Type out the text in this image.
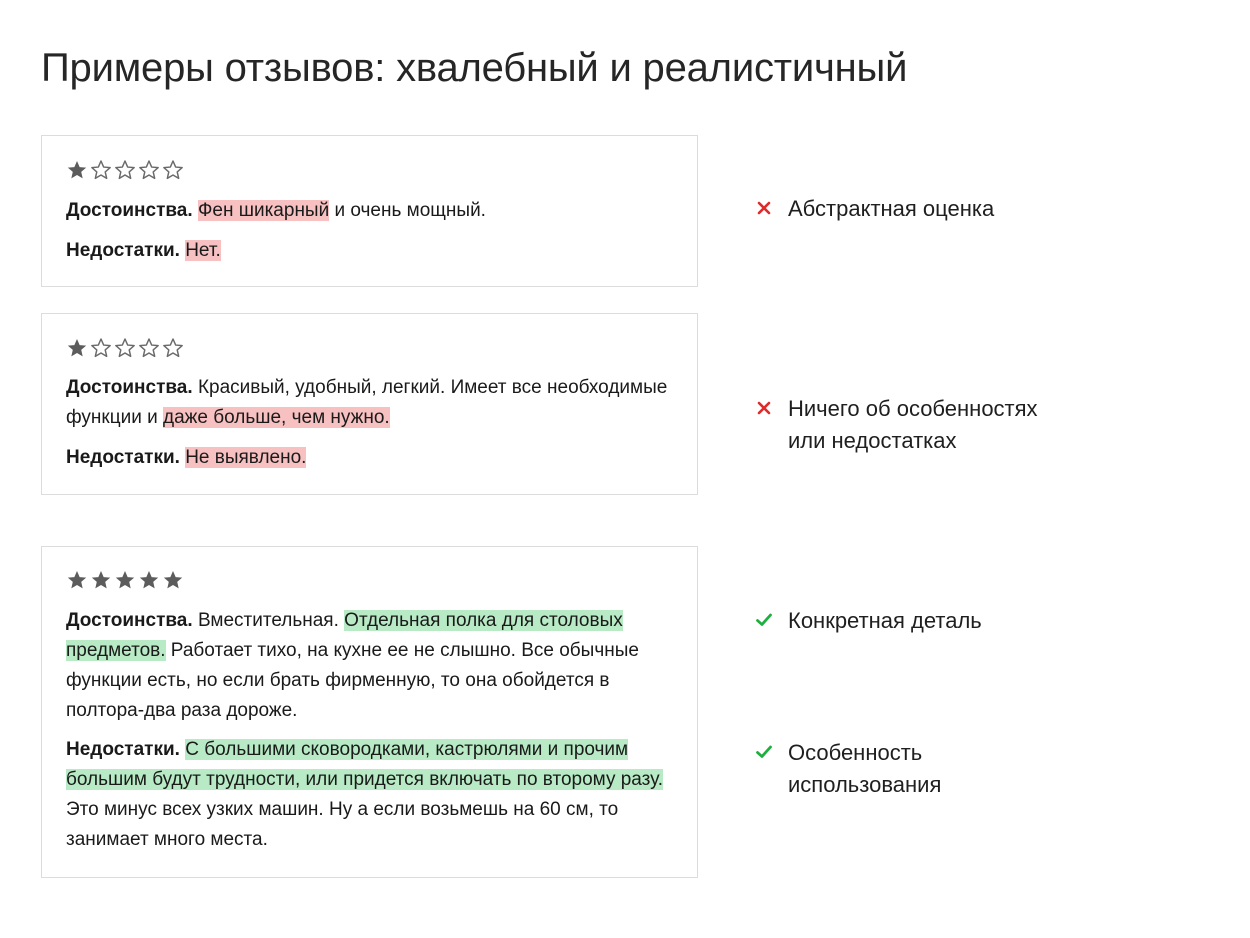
Примеры отзывов: хвалебный и реалистичный

Достоинства. Фен шикарный и очень мощный.

Недостатки. Нет.

Достоинства. Красивый, удобный, легкий. Имеет все необходимые функции и даже больше, чем нужно.

Недостатки. Не выявлено.

Достоинства. Вместительная. Отдельная полка для столовых предметов. Работает тихо, на кухне ее не слышно. Все обычные функции есть, но если брать фирменную, то она обойдется в полтора-два раза дороже.

Недостатки. С большими сковородками, кастрюлями и прочим большим будут трудности, или придется включать по второму разу. Это минус всех узких машин. Ну а если возьмешь на 60 см, то занимает много места.

Абстрактная оценка
Ничего об особенностях
или недостатках
Конкретная деталь
Особенность
использования
